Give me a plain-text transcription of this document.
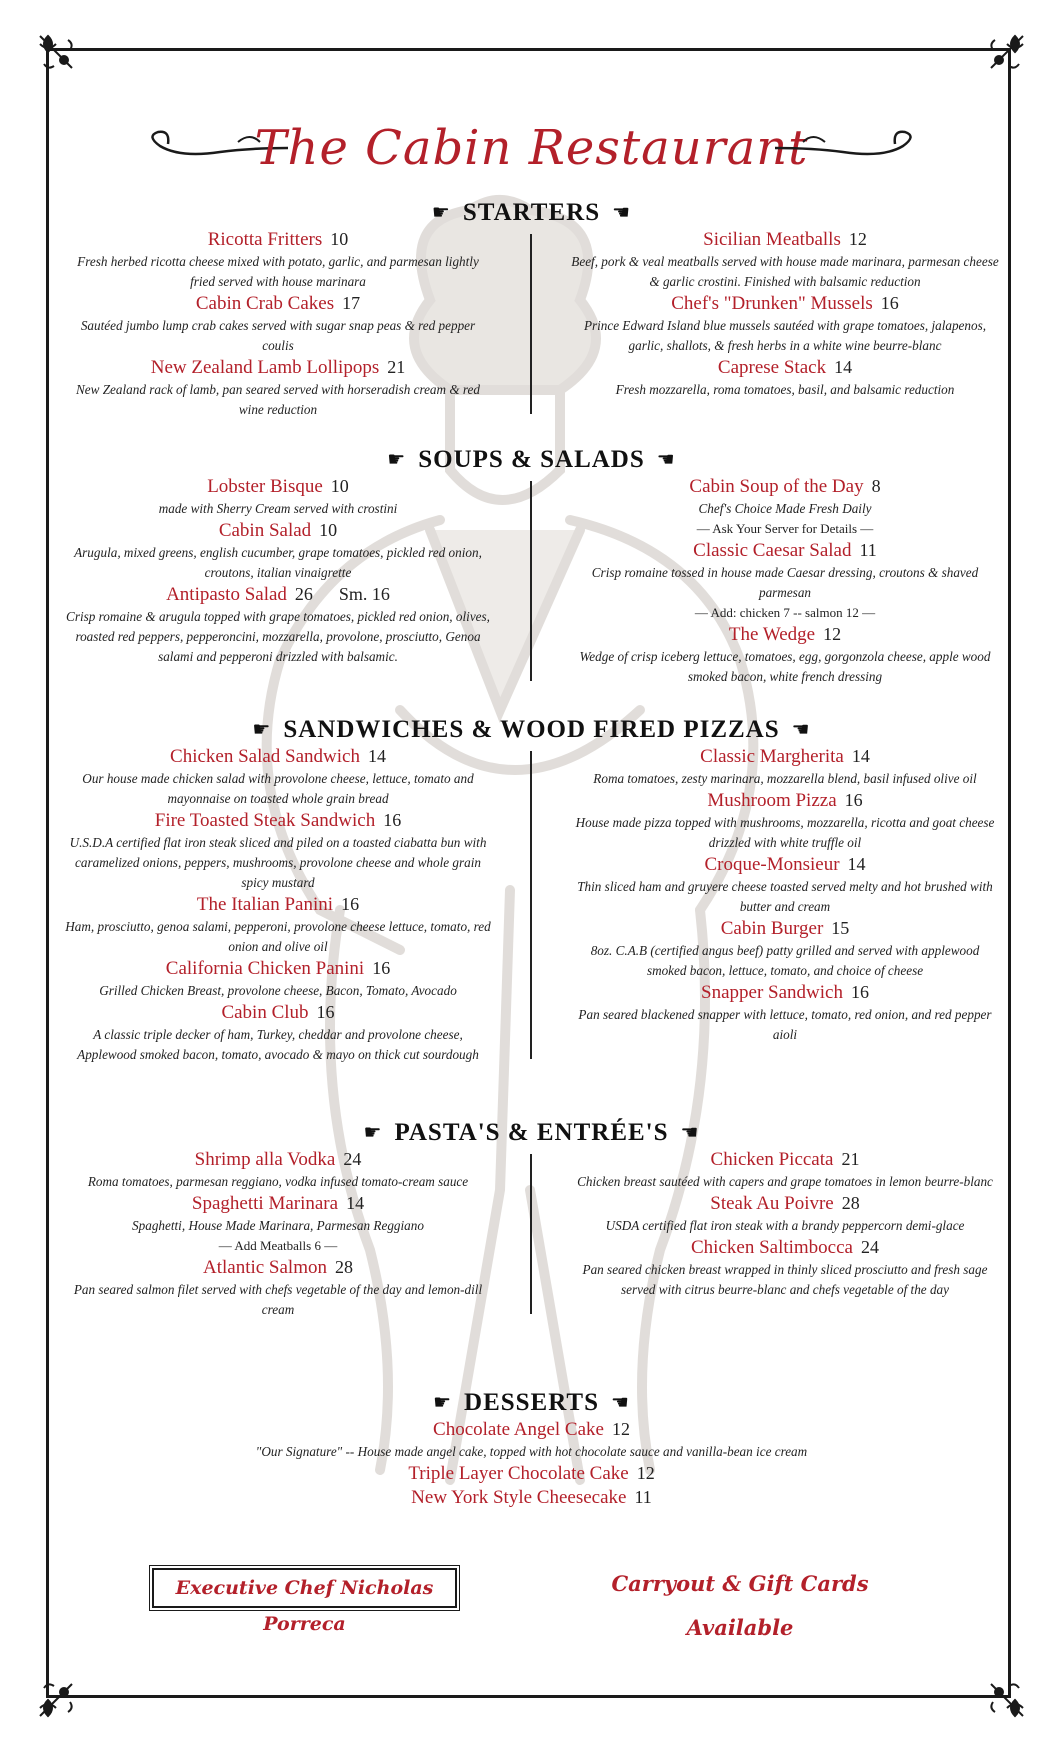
The Cabin Restaurant
☛ STARTERS ☚
Ricotta Fritters 10
Fresh herbed ricotta cheese mixed with potato, garlic, and parmesan lightly fried served with house marinara
Cabin Crab Cakes 17
Sautéed jumbo lump crab cakes served with sugar snap peas & red pepper coulis
New Zealand Lamb Lollipops 21
New Zealand rack of lamb, pan seared served with horseradish cream & red wine reduction
Sicilian Meatballs 12
Beef, pork & veal meatballs served with house made marinara, parmesan cheese & garlic crostini. Finished with balsamic reduction
Chef's "Drunken" Mussels 16
Prince Edward Island blue mussels sautéed with grape tomatoes, jalapenos, garlic, shallots, & fresh herbs in a white wine beurre-blanc
Caprese Stack 14
Fresh mozzarella, roma tomatoes, basil, and balsamic reduction
☛ SOUPS & SALADS ☚
Lobster Bisque 10
made with Sherry Cream served with crostini
Cabin Salad 10
Arugula, mixed greens, english cucumber, grape tomatoes, pickled red onion, croutons, italian vinaigrette
Antipasto Salad 26 Sm. 16
Crisp romaine & arugula topped with grape tomatoes, pickled red onion, olives, roasted red peppers, pepperoncini, mozzarella, provolone, prosciutto, Genoa salami and pepperoni drizzled with balsamic.
Cabin Soup of the Day 8
Chef's Choice Made Fresh Daily
— Ask Your Server for Details —
Classic Caesar Salad 11
Crisp romaine tossed in house made Caesar dressing, croutons & shaved parmesan
— Add: chicken 7 -- salmon 12 —
The Wedge 12
Wedge of crisp iceberg lettuce, tomatoes, egg, gorgonzola cheese, apple wood smoked bacon, white french dressing
☛ SANDWICHES & WOOD FIRED PIZZAS ☚
Chicken Salad Sandwich 14
Our house made chicken salad with provolone cheese, lettuce, tomato and mayonnaise on toasted whole grain bread
Fire Toasted Steak Sandwich 16
U.S.D.A certified flat iron steak sliced and piled on a toasted ciabatta bun with caramelized onions, peppers, mushrooms, provolone cheese and whole grain spicy mustard
The Italian Panini 16
Ham, prosciutto, genoa salami, pepperoni, provolone cheese lettuce, tomato, red onion and olive oil
California Chicken Panini 16
Grilled Chicken Breast, provolone cheese, Bacon, Tomato, Avocado
Cabin Club 16
A classic triple decker of ham, Turkey, cheddar and provolone cheese, Applewood smoked bacon, tomato, avocado & mayo on thick cut sourdough
Classic Margherita 14
Roma tomatoes, zesty marinara, mozzarella blend, basil infused olive oil
Mushroom Pizza 16
House made pizza topped with mushrooms, mozzarella, ricotta and goat cheese drizzled with white truffle oil
Croque-Monsieur 14
Thin sliced ham and gruyere cheese toasted served melty and hot brushed with butter and cream
Cabin Burger 15
8oz. C.A.B (certified angus beef) patty grilled and served with applewood smoked bacon, lettuce, tomato, and choice of cheese
Snapper Sandwich 16
Pan seared blackened snapper with lettuce, tomato, red onion, and red pepper aioli
☛ PASTA'S & ENTRÉE'S ☚
Shrimp alla Vodka 24
Roma tomatoes, parmesan reggiano, vodka infused tomato-cream sauce
Spaghetti Marinara 14
Spaghetti, House Made Marinara, Parmesan Reggiano
— Add Meatballs 6 —
Atlantic Salmon 28
Pan seared salmon filet served with chefs vegetable of the day and lemon-dill cream
Chicken Piccata 21
Chicken breast sautéed with capers and grape tomatoes in lemon beurre-blanc
Steak Au Poivre 28
USDA certified flat iron steak with a brandy peppercorn demi-glace
Chicken Saltimbocca 24
Pan seared chicken breast wrapped in thinly sliced prosciutto and fresh sage served with citrus beurre-blanc and chefs vegetable of the day
☛ DESSERTS ☚
Chocolate Angel Cake 12
"Our Signature" -- House made angel cake, topped with hot chocolate sauce and vanilla-bean ice cream
Triple Layer Chocolate Cake 12
New York Style Cheesecake 11
Executive Chef Nicholas Porreca
Carryout & Gift Cards Available
